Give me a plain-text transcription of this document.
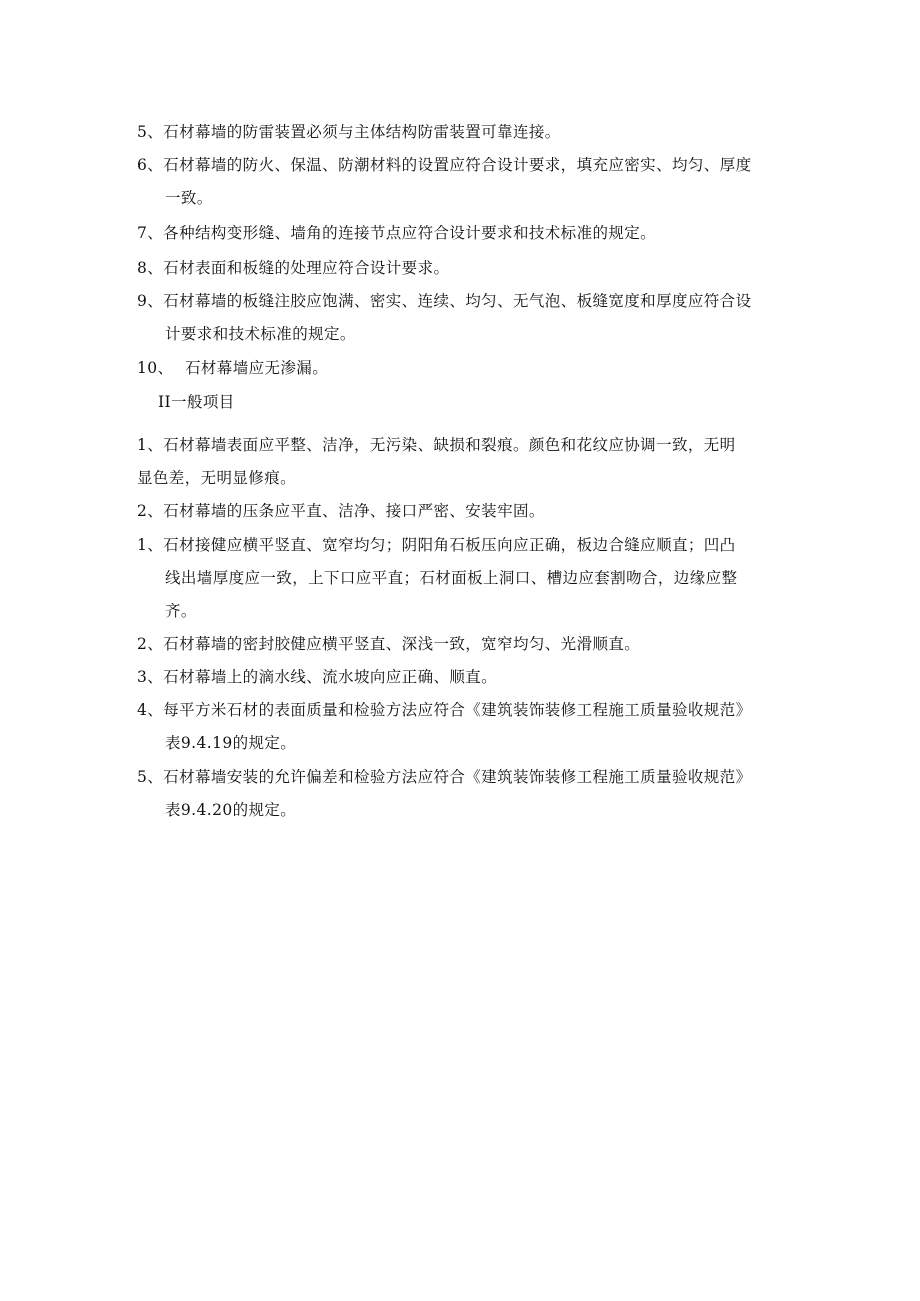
5、石材幕墙的防雷装置必须与主体结构防雷装置可靠连接。
6、石材幕墙的防火、保温、防潮材料的设置应符合设计要求，填充应密实、均匀、厚度
一致。
7、各种结构变形缝、墙角的连接节点应符合设计要求和技术标准的规定。
8、石材表面和板缝的处理应符合设计要求。
9、石材幕墙的板缝注胶应饱满、密实、连续、均匀、无气泡、板缝宽度和厚度应符合设
计要求和技术标准的规定。
10、 石材幕墙应无渗漏。
II一般项目
1、石材幕墙表面应平整、洁净，无污染、缺损和裂痕。颜色和花纹应协调一致，无明
显色差，无明显修痕。
2、石材幕墙的压条应平直、洁净、接口严密、安装牢固。
1、石材接健应横平竖直、宽窄均匀；阴阳角石板压向应正确，板边合缝应顺直；凹凸
线出墙厚度应一致，上下口应平直；石材面板上洞口、槽边应套割吻合，边缘应整
齐。
2、石材幕墙的密封胶健应横平竖直、深浅一致，宽窄均匀、光滑顺直。
3、石材幕墙上的滴水线、流水坡向应正确、顺直。
4、每平方米石材的表面质量和检验方法应符合《建筑装饰装修工程施工质量验收规范》
表9.4.19的规定。
5、石材幕墙安装的允许偏差和检验方法应符合《建筑装饰装修工程施工质量验收规范》
表9.4.20的规定。
